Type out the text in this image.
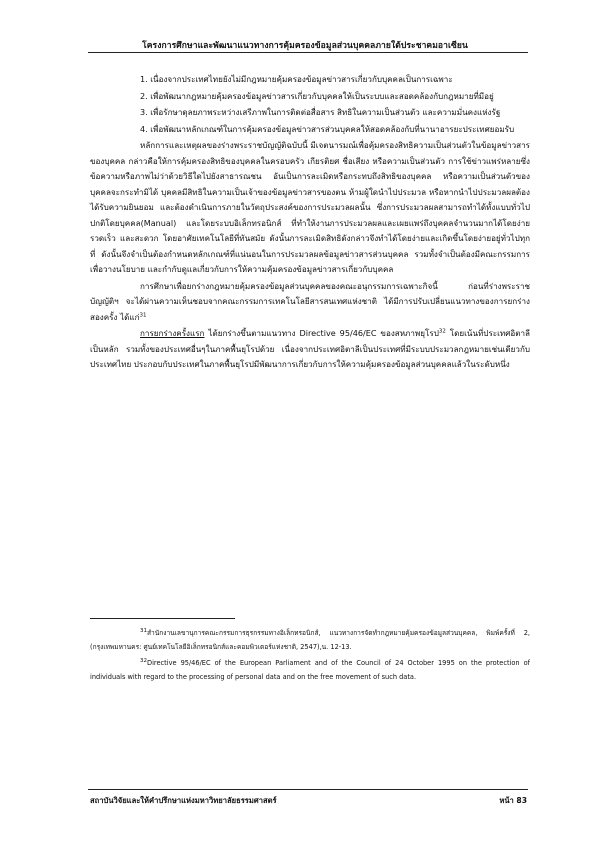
โครงการศึกษาและพัฒนาแนวทางการคุ้มครองข้อมูลส่วนบุคคลภายใต้ประชาคมอาเซียน

1. เนื่องจากประเทศไทยยังไม่มีกฎหมายคุ้มครองข้อมูลข่าวสารเกี่ยวกับบุคคลเป็นการเฉพาะ

2. เพื่อพัฒนากฎหมายคุ้มครองข้อมูลข่าวสารเกี่ยวกับบุคคลให้เป็นระบบและสอดคล้องกับกฎหมายที่มีอยู่

3. เพื่อรักษาดุลยภาพระหว่างเสรีภาพในการติดต่อสื่อสาร สิทธิในความเป็นส่วนตัว และความมั่นคงแห่งรัฐ

4. เพื่อพัฒนาหลักเกณฑ์ในการคุ้มครองข้อมูลข่าวสารส่วนบุคคลให้สอดคล้องกับที่นานาอารยะประเทศยอมรับ

หลักการและเหตุผลของร่างพระราชบัญญัติฉบับนี้ มีเจตนารมณ์เพื่อคุ้มครองสิทธิความเป็นส่วนตัวในข้อมูลข่าวสารของบุคคล กล่าวคือให้การคุ้มครองสิทธิของบุคคลในครอบครัว เกียรติยศ ชื่อเสียง หรือความเป็นส่วนตัว การใช้ข่าวแพร่หลายซึ่งข้อความหรือภาพไม่ว่าด้วยวิธีใดไปยังสาธารณชน อันเป็นการละเมิดหรือกระทบถึงสิทธิของบุคคล หรือความเป็นส่วนตัวของบุคคลจะกระทำมิได้ บุคคลมีสิทธิในความเป็นเจ้าของข้อมูลข่าวสารของตน ห้ามผู้ใดนำไปประมวล หรือหากนำไปประมวลผลต้องได้รับความยินยอม และต้องดำเนินการภายในวัตถุประสงค์ของการประมวลผลนั้น ซึ่งการประมวลผลสามารถทำได้ทั้งแบบทั่วไปปกติโดยบุคคล(Manual) และโดยระบบอิเล็กทรอนิกส์ ที่ทำให้งานการประมวลผลและเผยแพร่ถึงบุคคลจำนวนมากได้โดยง่าย รวดเร็ว และสะดวก โดยอาศัยเทคโนโลยีที่ทันสมัย ดังนั้นการละเมิดสิทธิดังกล่าวจึงทำได้โดยง่ายและเกิดขึ้นโดยง่ายอยู่ทั่วไปทุกที่ ดังนั้นจึงจำเป็นต้องกำหนดหลักเกณฑ์ที่แน่นอนในการประมวลผลข้อมูลข่าวสารส่วนบุคคล รวมทั้งจำเป็นต้องมีคณะกรรมการเพื่อวางนโยบาย และกำกับดูแลเกี่ยวกับการให้ความคุ้มครองข้อมูลข่าวสารเกี่ยวกับบุคคล

การศึกษาเพื่อยกร่างกฎหมายคุ้มครองข้อมูลส่วนบุคคลของคณะอนุกรรมการเฉพาะกิจนี้ ก่อนที่ร่างพระราชบัญญัติฯ จะได้ผ่านความเห็นชอบจากคณะกรรมการเทคโนโลยีสารสนเทศแห่งชาติ ได้มีการปรับเปลี่ยนแนวทางของการยกร่างสองครั้ง ได้แก่$^{31}$

การยกร่างครั้งแรก ได้ยกร่างขึ้นตามแนวทาง Directive 95/46/EC ของสหภาพยุโรป$^{32}$ โดยเน้นที่ประเทศอิตาลีเป็นหลัก รวมทั้งของประเทศอื่นๆในภาคพื้นยุโรปด้วย เนื่องจากประเทศอิตาลีเป็นประเทศที่มีระบบประมวลกฎหมายเช่นเดียวกับประเทศไทย ประกอบกับประเทศในภาคพื้นยุโรปมีพัฒนาการเกี่ยวกับการให้ความคุ้มครองข้อมูลส่วนบุคคลแล้วในระดับหนึ่ง

$^{31}$สำนักงานเลขานุการคณะกรรมการธุรกรรมทางอิเล็กทรอนิกส์, แนวทางการจัดทำกฎหมายคุ้มครองข้อมูลส่วนบุคคล, พิมพ์ครั้งที่ 2, (กรุงเทพมหานคร: ศูนย์เทคโนโลยีอิเล็กทรอนิกส์และคอมพิวเตอร์แห่งชาติ, 2547),น. 12-13.

$^{32}$Directive 95/46/EC of the European Parliament and of the Council of 24 October 1995 on the protection of individuals with regard to the processing of personal data and on the free movement of such data.

สถาบันวิจัยและให้คำปรึกษาแห่งมหาวิทยาลัยธรรมศาสตร์	หน้า 83
